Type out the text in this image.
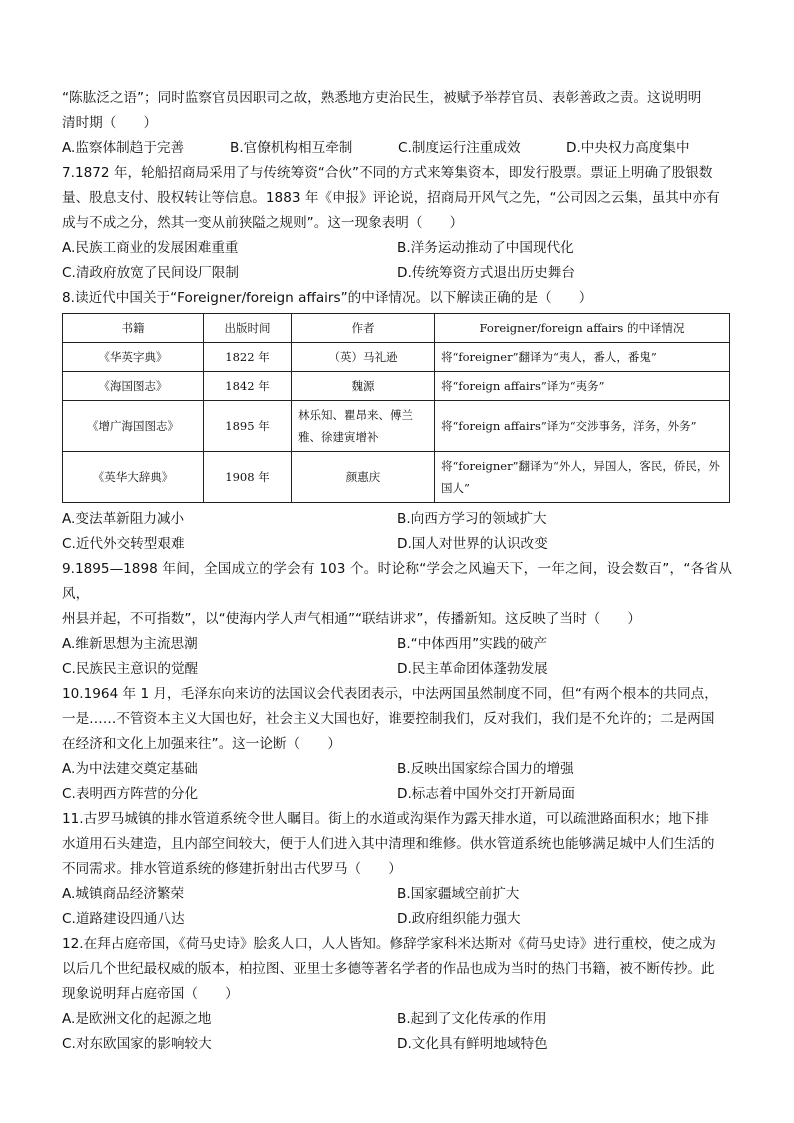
“陈肱泛之语”；同时监察官员因职司之故，熟悉地方吏治民生，被赋予举荐官员、表彰善政之责。这说明明

清时期（　　）

A.监察体制趋于完善	B.官僚机构相互牵制	C.制度运行注重成效	D.中央权力高度集中

7.1872 年，轮船招商局采用了与传统筹资“合伙”不同的方式来筹集资本，即发行股票。票证上明确了股银数

量、股息支付、股权转让等信息。1883 年《申报》评论说，招商局开风气之先，“公司因之云集，虽其中亦有

成与不成之分，然其一变从前狭隘之规则”。这一现象表明（　　）

A.民族工商业的发展困难重重	B.洋务运动推动了中国现代化
C.清政府放宽了民间设厂限制	D.传统筹资方式退出历史舞台

8.读近代中国关于“Foreigner/foreign affairs”的中译情况。以下解读正确的是（　　）

书籍	出版时间	作者	Foreigner/foreign affairs 的中译情况
《华英字典》	1822 年	（英）马礼逊	将“foreigner”翻译为“夷人，番人，番鬼”
《海国图志》	1842 年	魏源	将“foreign affairs”译为“夷务”
《增广海国图志》	1895 年	林乐知、瞿昂来、傅兰雅、徐建寅增补	将“foreign affairs”译为“交涉事务，洋务，外务”
《英华大辞典》	1908 年	颜惠庆	将“foreigner”翻译为“外人，异国人，客民，侨民，外国人”
A.变法革新阻力减小	B.向西方学习的领域扩大
C.近代外交转型艰难	D.国人对世界的认识改变

9.1895—1898 年间，全国成立的学会有 103 个。时论称“学会之风遍天下，一年之间，设会数百”，“各省从风，

州县并起，不可指数”，以“使海内学人声气相通”“联结讲求”，传播新知。这反映了当时（　　）

A.维新思想为主流思潮	B.“中体西用”实践的破产
C.民族民主意识的觉醒	D.民主革命团体蓬勃发展

10.1964 年 1 月，毛泽东向来访的法国议会代表团表示，中法两国虽然制度不同，但“有两个根本的共同点，

一是……不管资本主义大国也好，社会主义大国也好，谁要控制我们，反对我们，我们是不允许的；二是两国

在经济和文化上加强来往”。这一论断（　　）

A.为中法建交奠定基础	B.反映出国家综合国力的增强
C.表明西方阵营的分化	D.标志着中国外交打开新局面

11.古罗马城镇的排水管道系统令世人瞩目。街上的水道或沟渠作为露天排水道，可以疏泄路面积水；地下排

水道用石头建造，且内部空间较大，便于人们进入其中清理和维修。供水管道系统也能够满足城中人们生活的

不同需求。排水管道系统的修建折射出古代罗马（　　）

A.城镇商品经济繁荣	B.国家疆域空前扩大
C.道路建设四通八达	D.政府组织能力强大

12.在拜占庭帝国，《荷马史诗》脍炙人口，人人皆知。修辞学家科米达斯对《荷马史诗》进行重校，使之成为

以后几个世纪最权威的版本，柏拉图、亚里士多德等著名学者的作品也成为当时的热门书籍，被不断传抄。此

现象说明拜占庭帝国（　　）

A.是欧洲文化的起源之地	B.起到了文化传承的作用
C.对东欧国家的影响较大	D.文化具有鲜明地域特色
